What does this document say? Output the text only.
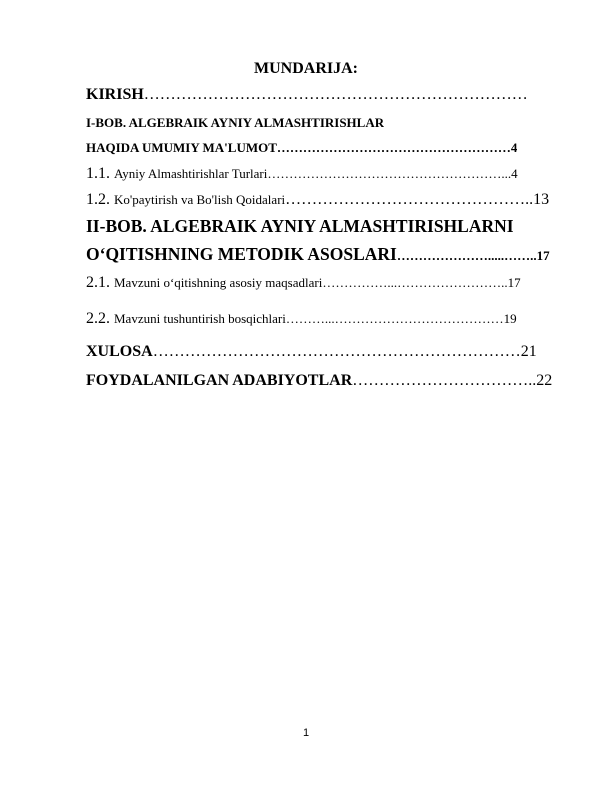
MUNDARIJA:
KIRISH………………………………………………………………
I-BOB. ALGEBRAIK AYNIY ALMASHTIRISHLAR
HAQIDA UMUMIY MA'LUMOT………………………………………………4
1.1. Ayniy Almashtirishlar Turlari………………………………………………...4
1.2. Ko'paytirish va Bo'lish Qoidalari………………………………………..13
II-BOB. ALGEBRAIK AYNIY ALMASHTIRISHLARNI
O‘QITISHNING METODIK ASOSLARI………………….....……..17
2.1. Mavzuni o‘qitishning asosiy maqsadlari……………...……………………..17
2.2. Mavzuni tushuntirish bosqichlari………...…………………………………19
XULOSA……………………………………………………………21
FOYDALANILGAN ADABIYOTLAR……………………………..22
1
